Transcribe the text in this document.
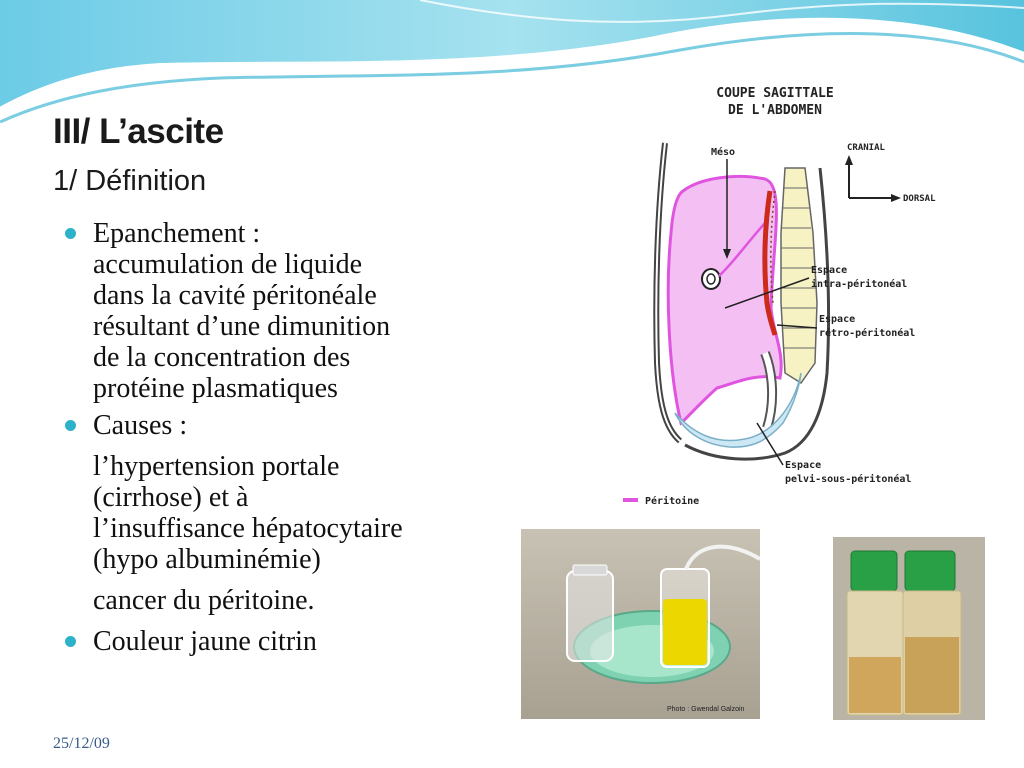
III/ L’ascite
1/ Définition
Epanchement :
accumulation de liquide
dans la cavité péritonéale
résultant d’une dimunition
de la concentration des
protéine plasmatiques
Causes :
l’hypertension portale
(cirrhose) et à
l’insuffisance hépatocytaire
(hypo albuminémie)
cancer du péritoine.
Couleur jaune citrin
COUPE SAGITTALE
DE L'ABDOMEN
CRANIAL
DORSAL
Méso
Espace
intra-péritonéal
Espace
rétro-péritonéal
Espace
pelvi-sous-péritonéal
Péritoine
Photo : Gwendal Galzoin
25/12/09
